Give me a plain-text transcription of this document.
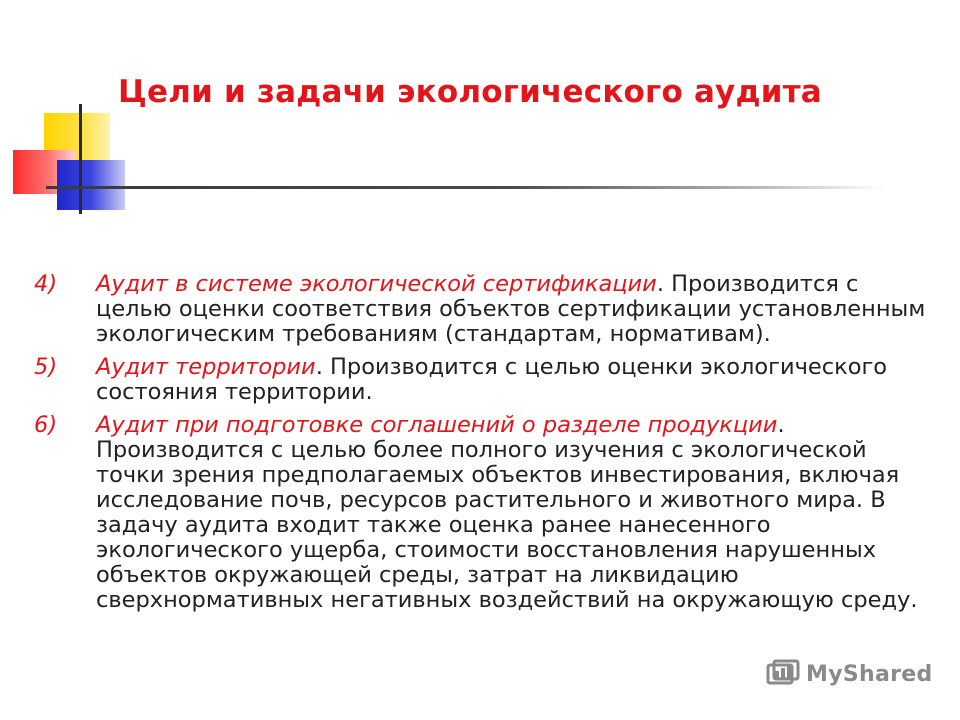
Цели и задачи экологического аудита
4)	Аудит в системе экологической сертификации. Производится с целью оценки соответствия объектов сертификации установленным экологическим требованиям (стандартам, нормативам).
5)	Аудит территории. Производится с целью оценки экологического состояния территории.
6)	Аудит при подготовке соглашений о разделе продукции. Производится с целью более полного изучения с экологической точки зрения предполагаемых объектов инвестирования, включая исследование почв, ресурсов растительного и животного мира. В задачу аудита входит также оценка ранее нанесенного экологического ущерба, стоимости восстановления нарушенных объектов окружающей среды, затрат на ликвидацию сверхнормативных негативных воздействий на окружающую среду.
MyShared
